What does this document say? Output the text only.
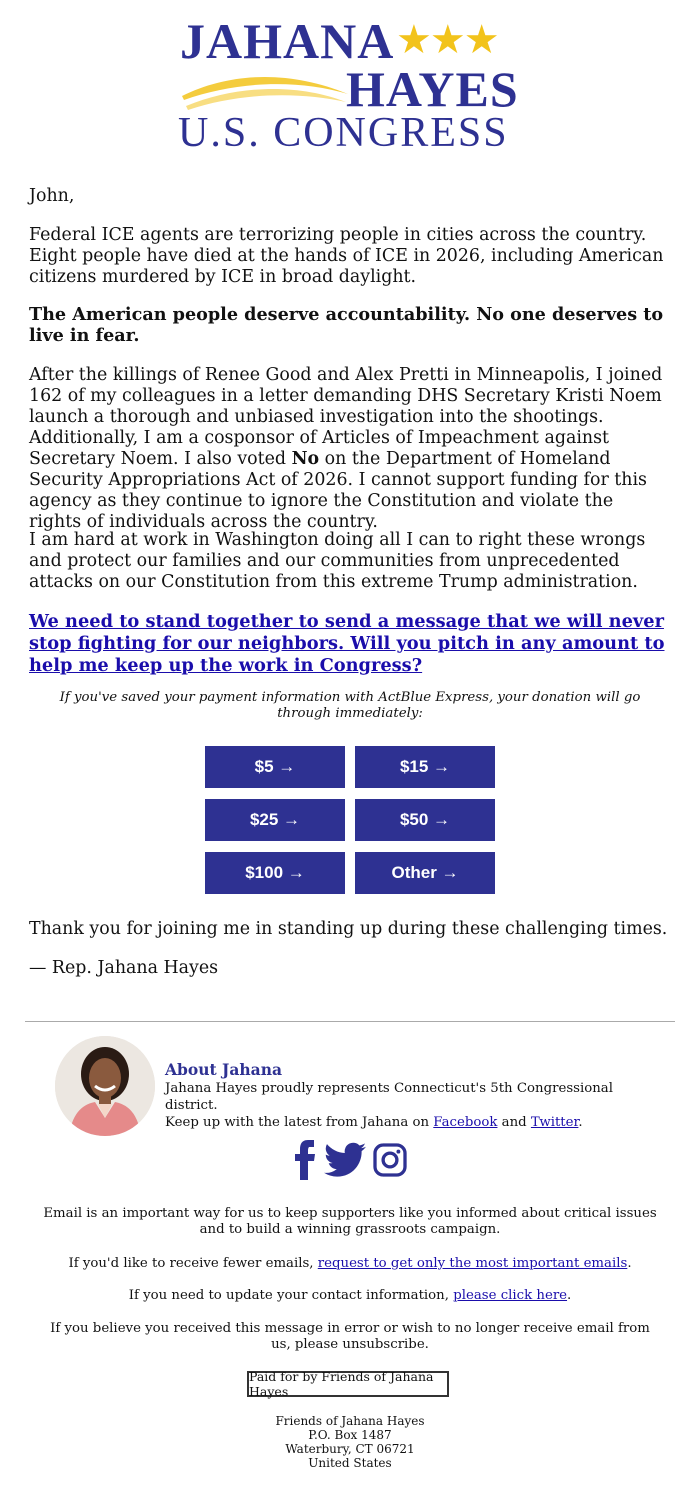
JAHANA ★★★
HAYES
U.S. CONGRESS
John,
Federal ICE agents are terrorizing people in cities across the country. Eight people have died at the hands of ICE in 2026, including American citizens murdered by ICE in broad daylight.
The American people deserve accountability. No one deserves to live in fear.
After the killings of Renee Good and Alex Pretti in Minneapolis, I joined 162 of my colleagues in a letter demanding DHS Secretary Kristi Noem launch a thorough and unbiased investigation into the shootings. Additionally, I am a cosponsor of Articles of Impeachment against Secretary Noem. I also voted No on the Department of Homeland Security Appropriations Act of 2026. I cannot support funding for this agency as they continue to ignore the Constitution and violate the rights of individuals across the country.
I am hard at work in Washington doing all I can to right these wrongs and protect our families and our communities from unprecedented attacks on our Constitution from this extreme Trump administration.
We need to stand together to send a message that we will never stop fighting for our neighbors. Will you pitch in any amount to help me keep up the work in Congress?
If you've saved your payment information with ActBlue Express, your donation will go through immediately:
$5 →	$15 →
$25 →	$50 →
$100 →	Other →
Thank you for joining me in standing up during these challenging times.
— Rep. Jahana Hayes
About Jahana
Jahana Hayes proudly represents Connecticut's 5th Congressional district.
Keep up with the latest from Jahana on Facebook and Twitter.
Email is an important way for us to keep supporters like you informed about critical issues and to build a winning grassroots campaign.
If you'd like to receive fewer emails, request to get only the most important emails.
If you need to update your contact information, please click here.
If you believe you received this message in error or wish to no longer receive email from us, please unsubscribe.
Paid for by Friends of Jahana Hayes
Friends of Jahana Hayes
P.O. Box 1487
Waterbury, CT 06721
United States
